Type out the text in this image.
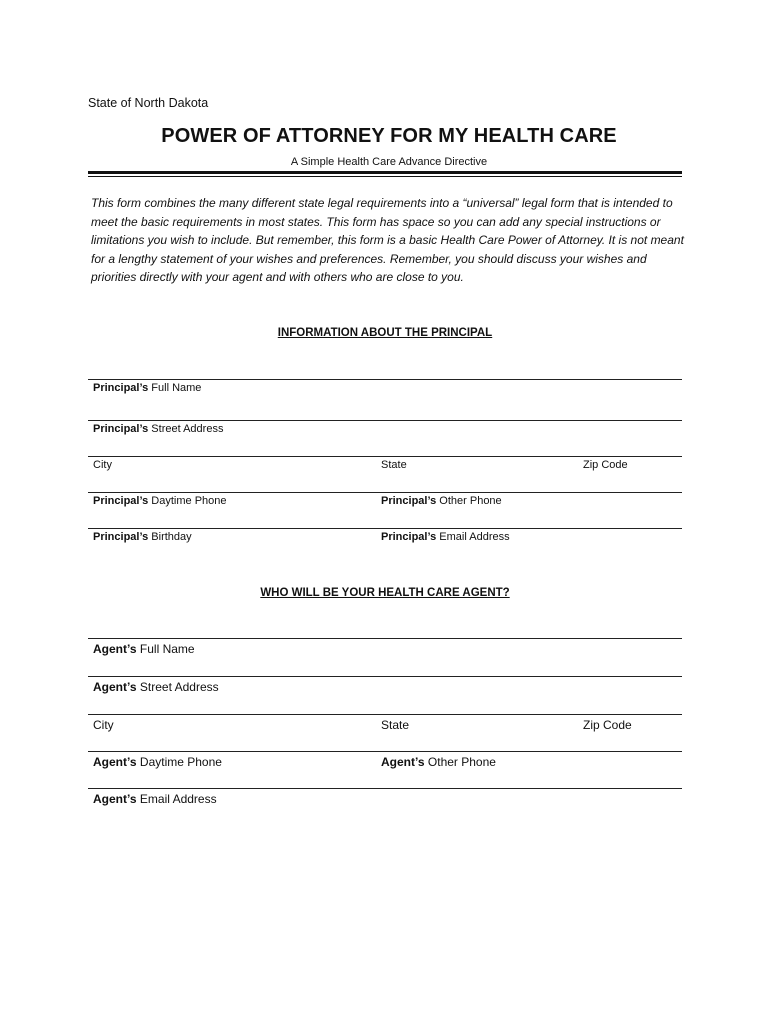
State of North Dakota
POWER OF ATTORNEY FOR MY HEALTH CARE
A Simple Health Care Advance Directive
This form combines the many different state legal requirements into a “universal” legal form that is intended to meet the basic requirements in most states. This form has space so you can add any special instructions or limitations you wish to include. But remember, this form is a basic Health Care Power of Attorney. It is not meant for a lengthy statement of your wishes and preferences. Remember, you should discuss your wishes and priorities directly with your agent and with others who are close to you.
INFORMATION ABOUT THE PRINCIPAL
Principal’s Full Name
Principal’s Street Address
City	State	Zip Code
Principal’s Daytime Phone	Principal’s Other Phone
Principal’s Birthday	Principal’s Email Address
WHO WILL BE YOUR HEALTH CARE AGENT?
Agent’s Full Name
Agent’s Street Address
City	State	Zip Code
Agent’s Daytime Phone	Agent’s Other Phone
Agent’s Email Address
